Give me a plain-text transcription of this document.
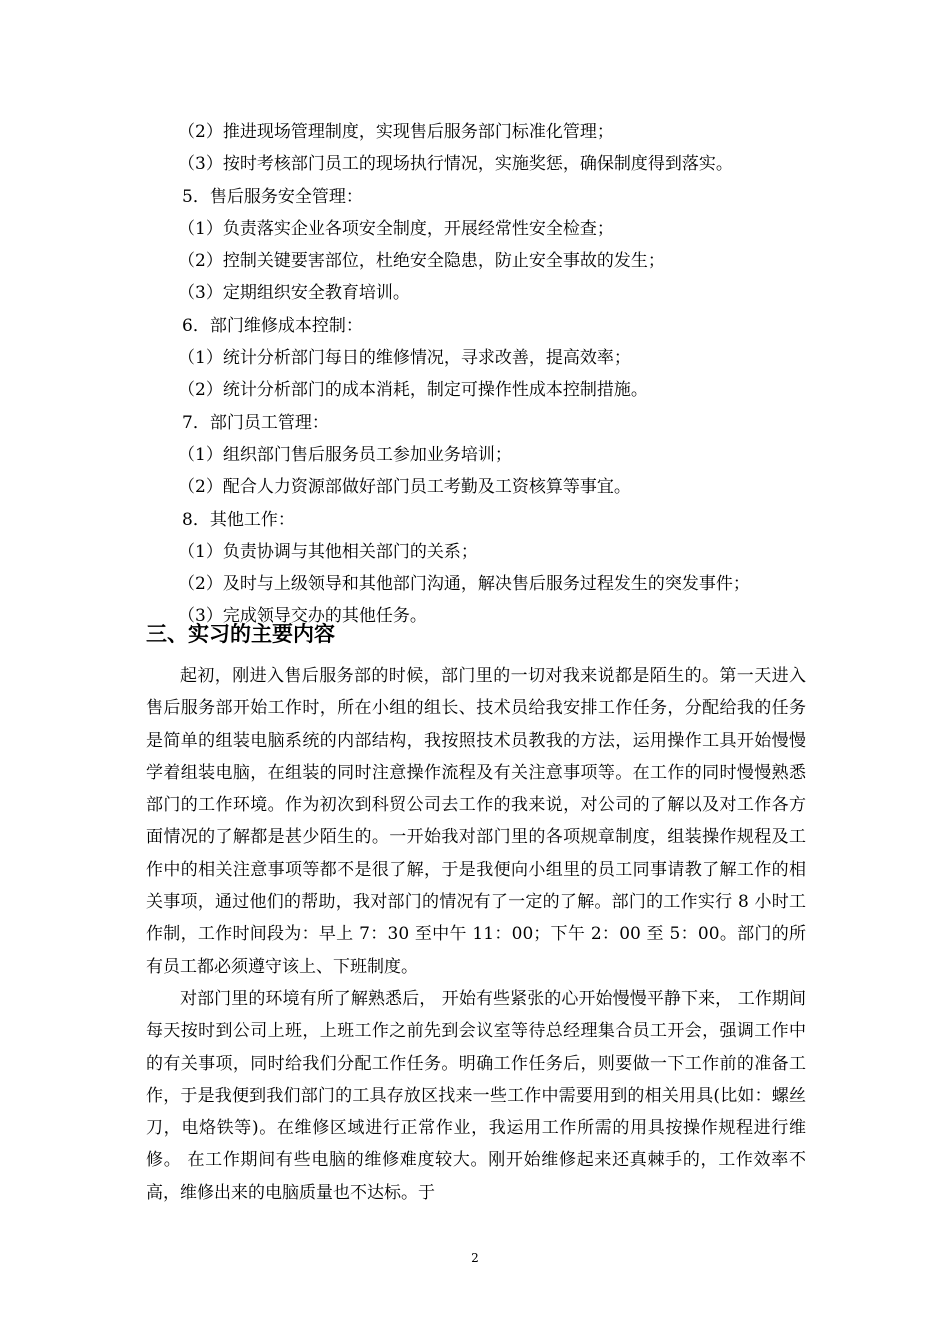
（2）推进现场管理制度，实现售后服务部门标准化管理；
（3）按时考核部门员工的现场执行情况，实施奖惩，确保制度得到落实。
5．售后服务安全管理：
（1）负责落实企业各项安全制度，开展经常性安全检查；
（2）控制关键要害部位，杜绝安全隐患，防止安全事故的发生；
（3）定期组织安全教育培训。
6．部门维修成本控制：
（1）统计分析部门每日的维修情况，寻求改善，提高效率；
（2）统计分析部门的成本消耗，制定可操作性成本控制措施。
7．部门员工管理：
（1）组织部门售后服务员工参加业务培训；
（2）配合人力资源部做好部门员工考勤及工资核算等事宜。
8．其他工作：
（1）负责协调与其他相关部门的关系；
（2）及时与上级领导和其他部门沟通，解决售后服务过程发生的突发事件；
（3）完成领导交办的其他任务。
三、实习的主要内容

起初，刚进入售后服务部的时候，部门里的一切对我来说都是陌生的。第一天进入售后服务部开始工作时，所在小组的组长、技术员给我安排工作任务，分配给我的任务是简单的组装电脑系统的内部结构，我按照技术员教我的方法，运用操作工具开始慢慢学着组装电脑，在组装的同时注意操作流程及有关注意事项等。在工作的同时慢慢熟悉部门的工作环境。作为初次到科贸公司去工作的我来说，对公司的了解以及对工作各方面情况的了解都是甚少陌生的。一开始我对部门里的各项规章制度，组装操作规程及工作中的相关注意事项等都不是很了解，于是我便向小组里的员工同事请教了解工作的相关事项，通过他们的帮助，我对部门的情况有了一定的了解。部门的工作实行 8 小时工作制，工作时间段为：早上 7：30 至中午 11：00；下午 2：00 至 5：00。部门的所有员工都必须遵守该上、下班制度。

对部门里的环境有所了解熟悉后， 开始有些紧张的心开始慢慢平静下来， 工作期间每天按时到公司上班，上班工作之前先到会议室等待总经理集合员工开会，强调工作中的有关事项，同时给我们分配工作任务。明确工作任务后，则要做一下工作前的准备工作，于是我便到我们部门的工具存放区找来一些工作中需要用到的相关用具(比如：螺丝刀，电烙铁等)。在维修区域进行正常作业，我运用工作所需的用具按操作规程进行维修。 在工作期间有些电脑的维修难度较大。刚开始维修起来还真棘手的，工作效率不高，维修出来的电脑质量也不达标。于

2
